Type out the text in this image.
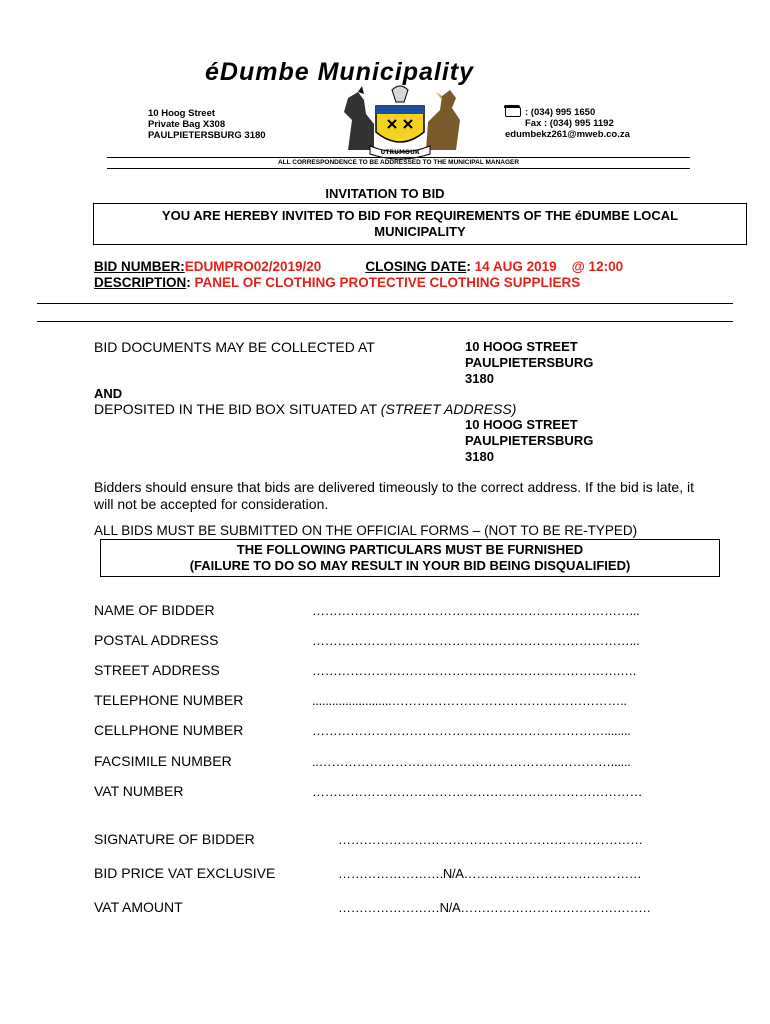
éDumbe Municipality
10 Hoog Street
Private Bag X308
PAULPIETERSBURG 3180
UTRUMOUR
: (034) 995 1650
Fax : (034) 995 1192
edumbekz261@mweb.co.za
ALL CORRESPONDENCE TO BE ADDRESSED TO THE MUNICIPAL MANAGER
INVITATION TO BID
YOU ARE HEREBY INVITED TO BID FOR REQUIREMENTS OF THE éDUMBE LOCAL
MUNICIPALITY
BID NUMBER:EDUMPRO02/2019/20	CLOSING DATE: 14 AUG 2019    @ 12:00
DESCRIPTION: PANEL OF CLOTHING PROTECTIVE CLOTHING SUPPLIERS
BID DOCUMENTS MAY BE COLLECTED AT	10 HOOG STREET
PAULPIETERSBURG
3180
AND
DEPOSITED IN THE BID BOX SITUATED AT (STREET ADDRESS)
10 HOOG STREET
PAULPIETERSBURG
3180
Bidders should ensure that bids are delivered timeously to the correct address. If the bid is late, it will not be accepted for consideration.
ALL BIDS MUST BE SUBMITTED ON THE OFFICIAL FORMS – (NOT TO BE RE-TYPED)
THE FOLLOWING PARTICULARS MUST BE FURNISHED
(FAILURE TO DO SO MAY RESULT IN YOUR BID BEING DISQUALIFIED)
NAME OF BIDDER	…………………………………………………………………...
POSTAL ADDRESS	…………………………………………………………………...
STREET ADDRESS	……………………………………………………………….….
TELEPHONE NUMBER	........................………………………………………………..
CELLPHONE NUMBER	……………………………………………………………........
FACSIMILE NUMBER	..……………………………………………………………......
VAT NUMBER	……………………………………………………………………
SIGNATURE OF BIDDER	………………………………………………………………
BID PRICE VAT EXCLUSIVE	…………………….N/A……………………………………
VAT AMOUNT	……………………N/A………………………………………
